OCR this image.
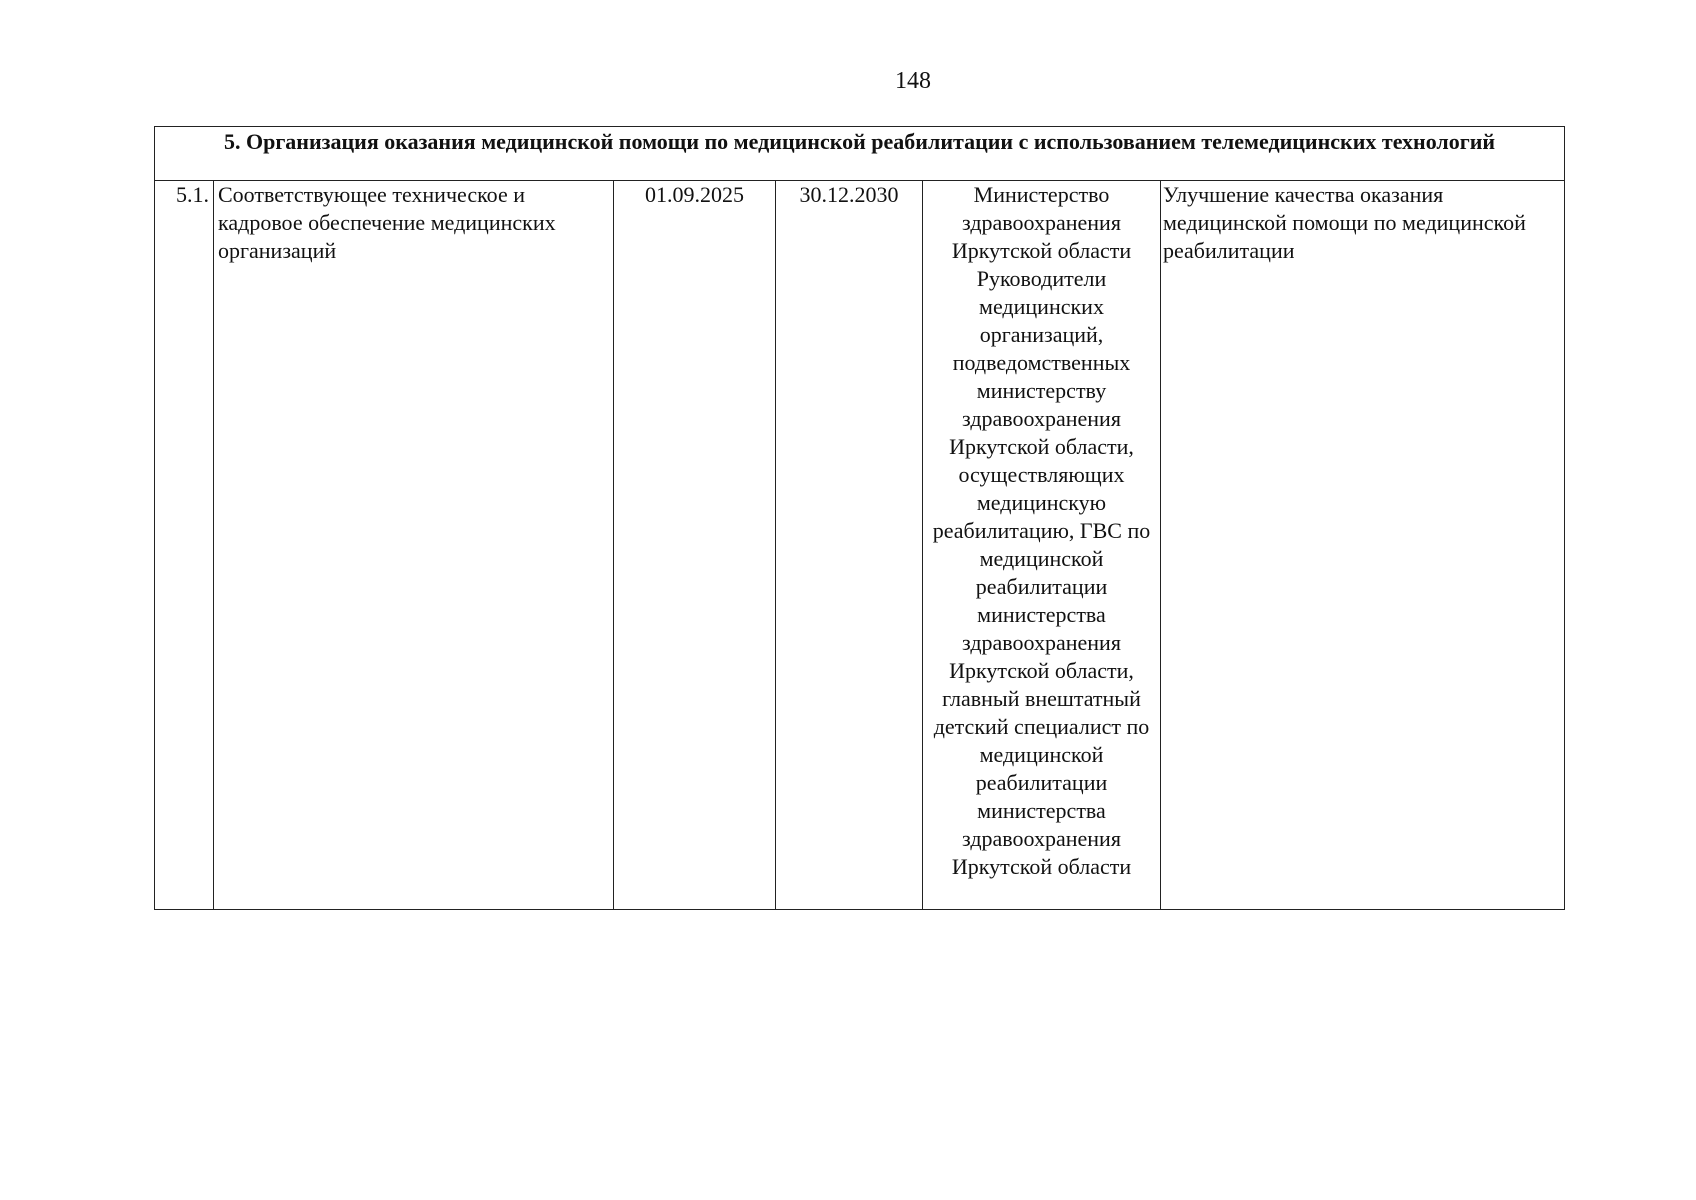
148
5. Организация оказания медицинской помощи по медицинской реабилитации с использованием телемедицинских технологий
5.1.	Соответствующее техническое и кадровое обеспечение медицинских организаций	01.09.2025	30.12.2030	Министерство здравоохранения Иркутской области Руководители медицинских организаций, подведомственных министерству здравоохранения Иркутской области, осуществляющих медицинскую реабилитацию, ГВС по медицинской реабилитации министерства здравоохранения Иркутской области, главный внештатный детский специалист по медицинской реабилитации министерства здравоохранения Иркутской области	Улучшение качества оказания медицинской помощи по медицинской реабилитации
